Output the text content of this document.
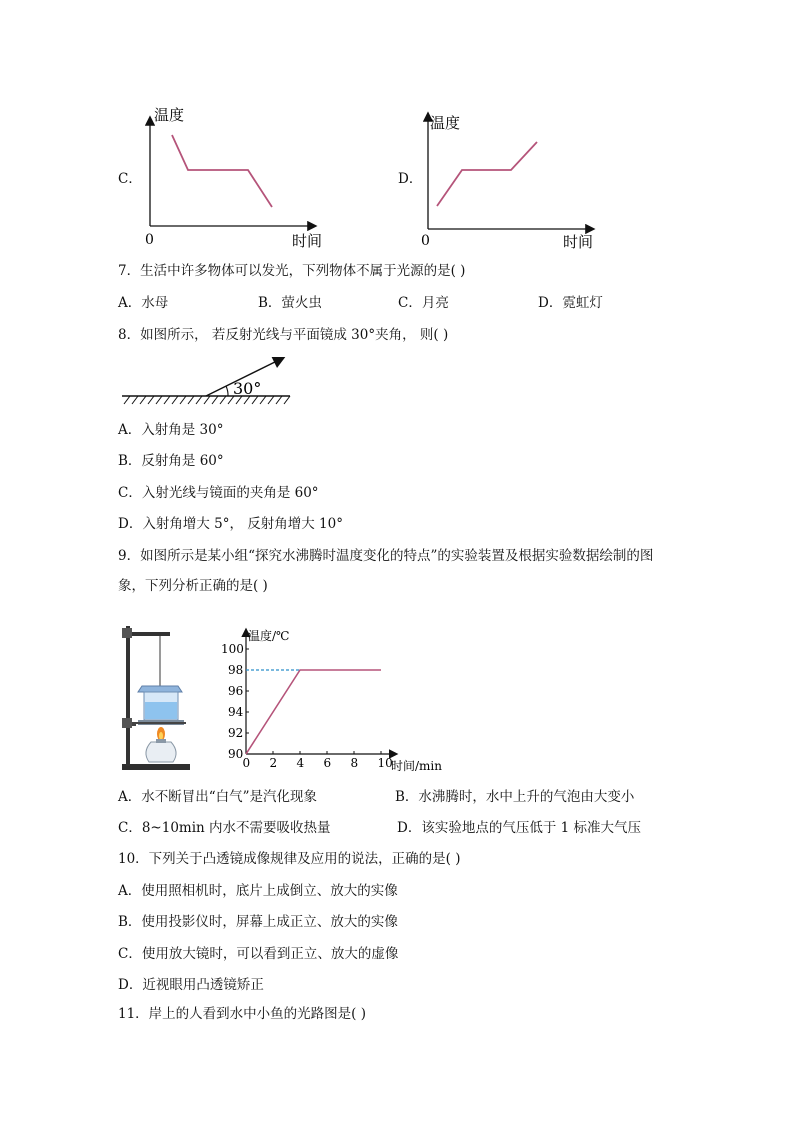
C．
温度
时间
0
D．
温度
时间
0
7．生活中许多物体可以发光，下列物体不属于光源的是( )
A．水母	B．萤火虫	C．月亮	D．霓虹灯
8．如图所示， 若反射光线与平面镜成 30°夹角， 则( )
30°
A．入射角是 30°
B．反射角是 60°
C．入射光线与镜面的夹角是 60°
D．入射角增大 5°， 反射角增大 10°
9．如图所示是某小组“探究水沸腾时温度变化的特点”的实验装置及根据实验数据绘制的图
象，下列分析正确的是( )
温度/℃
时间/min
0 2 4 6 8 10
90
92
94
96
98
100
A．水不断冒出“白气”是汽化现象	B．水沸腾时，水中上升的气泡由大变小
C．8~10min 内水不需要吸收热量	D．该实验地点的气压低于 1 标准大气压
10．下列关于凸透镜成像规律及应用的说法，正确的是( )
A．使用照相机时，底片上成倒立、放大的实像
B．使用投影仪时，屏幕上成正立、放大的实像
C．使用放大镜时，可以看到正立、放大的虚像
D．近视眼用凸透镜矫正
11．岸上的人看到水中小鱼的光路图是( )
